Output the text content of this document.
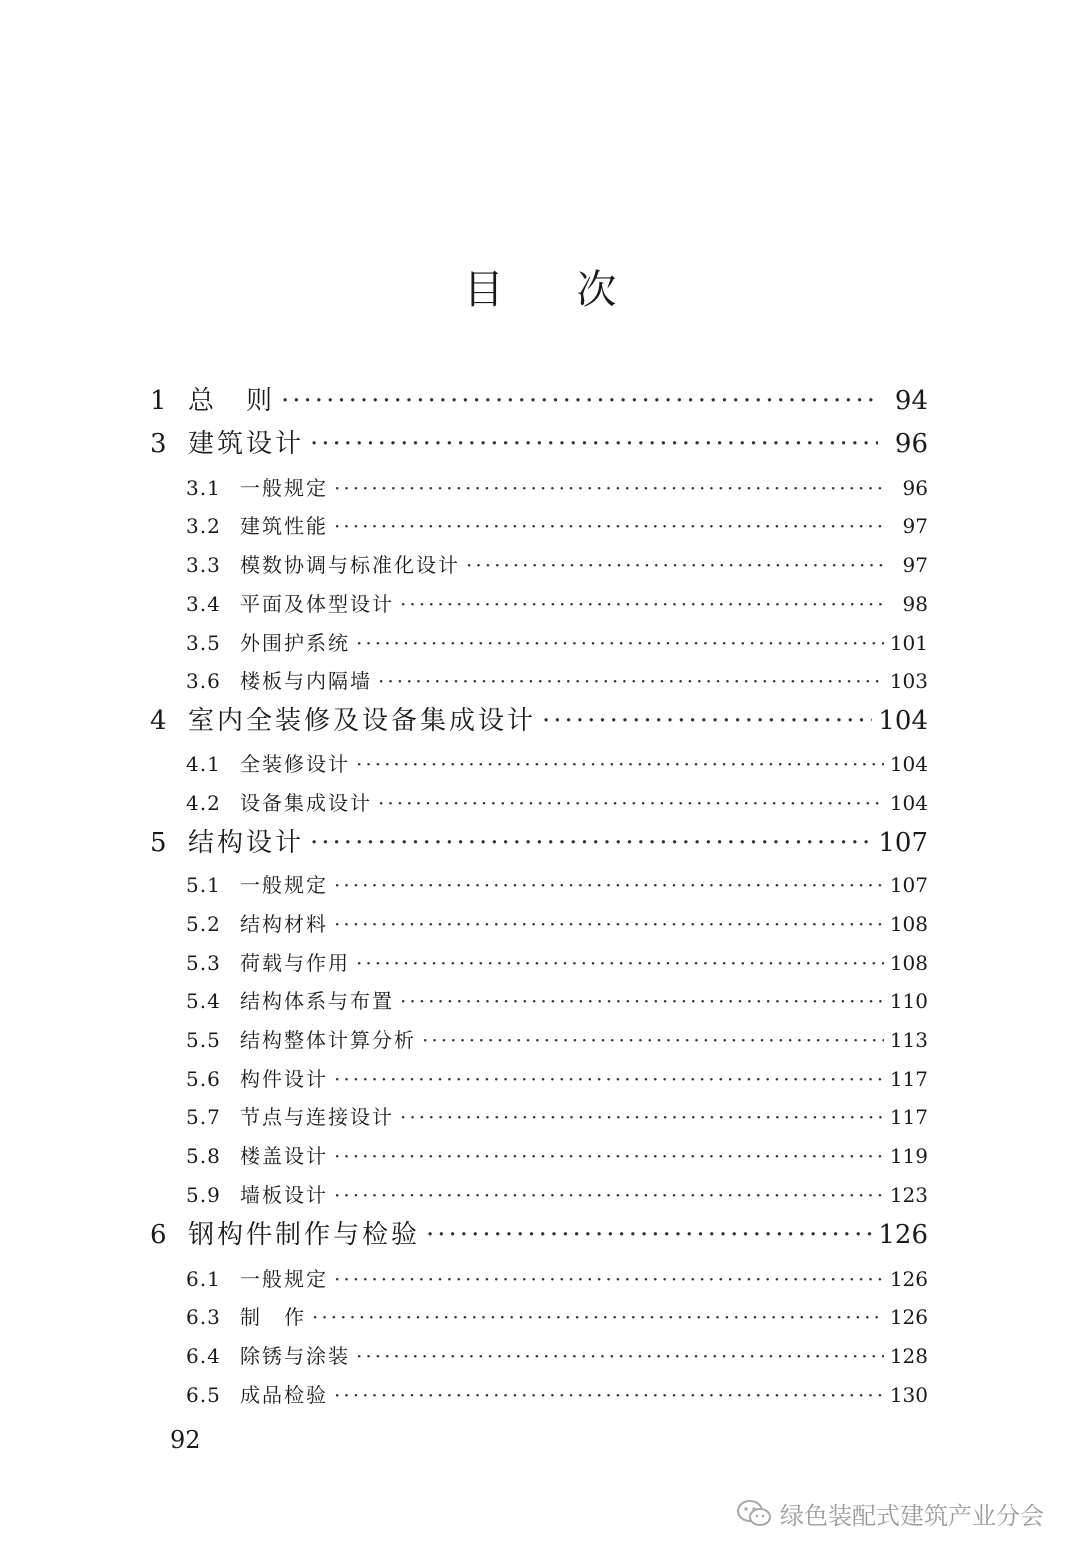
目 次
1 总　则 ·····	94
3 建筑设计 ·····	96
3.1 一般规定 ·····	96
3.2 建筑性能 ·····	97
3.3 模数协调与标准化设计 ·····	97
3.4 平面及体型设计 ·····	98
3.5 外围护系统 ·····	101
3.6 楼板与内隔墙 ·····	103
4 室内全装修及设备集成设计 ·····	104
4.1 全装修设计 ·····	104
4.2 设备集成设计 ·····	104
5 结构设计 ·····	107
5.1 一般规定 ·····	107
5.2 结构材料 ·····	108
5.3 荷载与作用 ·····	108
5.4 结构体系与布置 ·····	110
5.5 结构整体计算分析 ·····	113
5.6 构件设计 ·····	117
5.7 节点与连接设计 ·····	117
5.8 楼盖设计 ·····	119
5.9 墙板设计 ·····	123
6 钢构件制作与检验 ·····	126
6.1 一般规定 ·····	126
6.3 制　作 ·····	126
6.4 除锈与涂装 ·····	128
6.5 成品检验 ·····	130
92
绿色装配式建筑产业分会
